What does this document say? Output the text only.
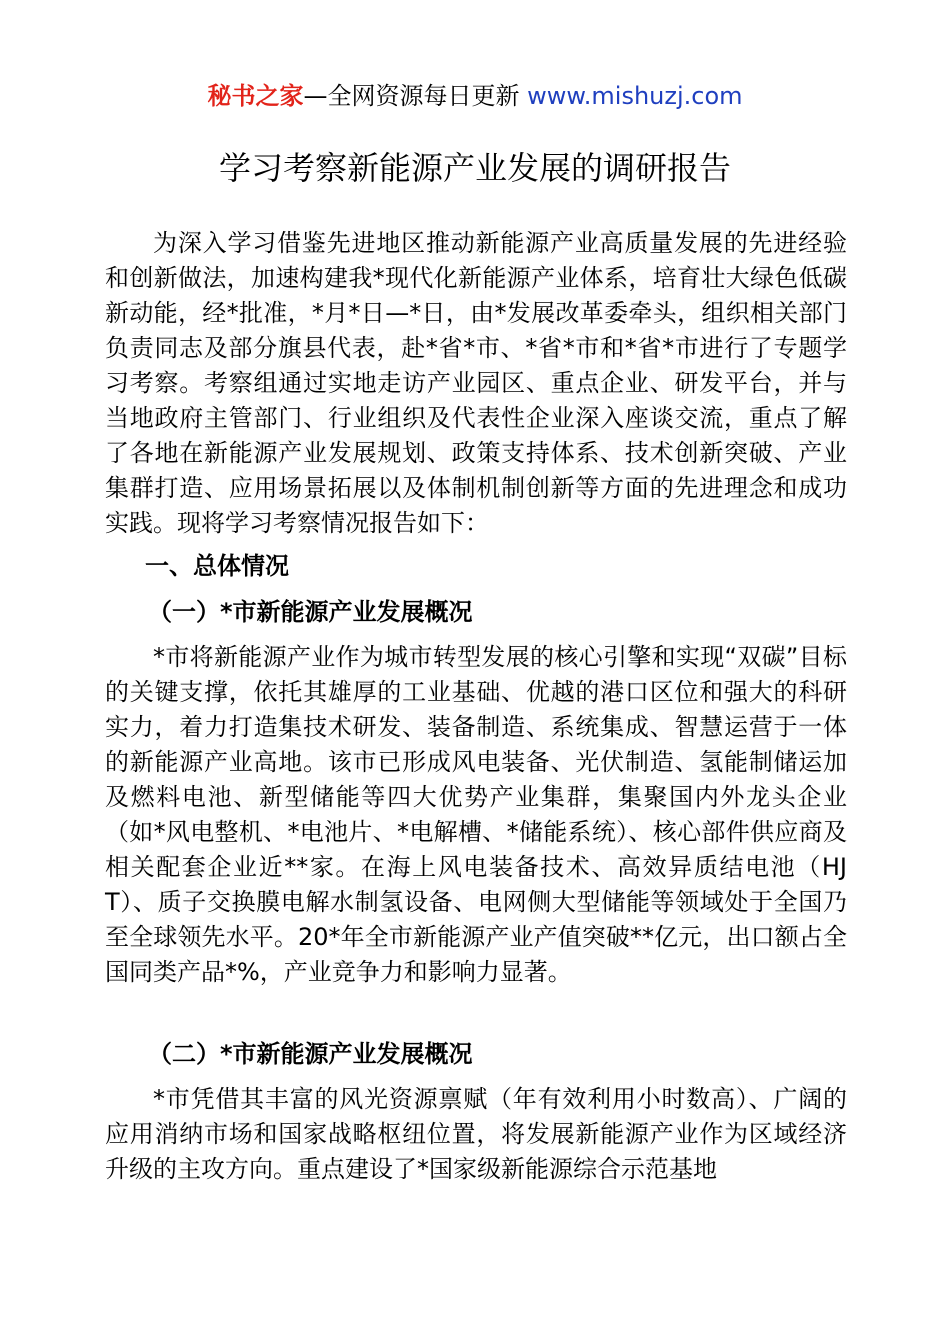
秘书之家—全网资源每日更新 www.mishuzj.com
学习考察新能源产业发展的调研报告

为深入学习借鉴先进地区推动新能源产业高质量发展的先进经验和创新做法，加速构建我*现代化新能源产业体系，培育壮大绿色低碳新动能，经*批准，*月*日—*日，由*发展改革委牵头，组织相关部门负责同志及部分旗县代表，赴*省*市、*省*市和*省*市进行了专题学习考察。考察组通过实地走访产业园区、重点企业、研发平台，并与当地政府主管部门、行业组织及代表性企业深入座谈交流，重点了解了各地在新能源产业发展规划、政策支持体系、技术创新突破、产业集群打造、应用场景拓展以及体制机制创新等方面的先进理念和成功实践。现将学习考察情况报告如下：

一、总体情况

（一）*市新能源产业发展概况

*市将新能源产业作为城市转型发展的核心引擎和实现“双碳”目标的关键支撑，依托其雄厚的工业基础、优越的港口区位和强大的科研实力，着力打造集技术研发、装备制造、系统集成、智慧运营于一体的新能源产业高地。该市已形成风电装备、光伏制造、氢能制储运加及燃料电池、新型储能等四大优势产业集群，集聚国内外龙头企业（如*风电整机、*电池片、*电解槽、*储能系统）、核心部件供应商及相关配套企业近**家。在海上风电装备技术、高效异质结电池（HJT）、质子交换膜电解水制氢设备、电网侧大型储能等领域处于全国乃至全球领先水平。20*年全市新能源产业产值突破**亿元，出口额占全国同类产品*%，产业竞争力和影响力显著。

（二）*市新能源产业发展概况

*市凭借其丰富的风光资源禀赋（年有效利用小时数高）、广阔的应用消纳市场和国家战略枢纽位置，将发展新能源产业作为区域经济升级的主攻方向。重点建设了*国家级新能源综合示范基地
